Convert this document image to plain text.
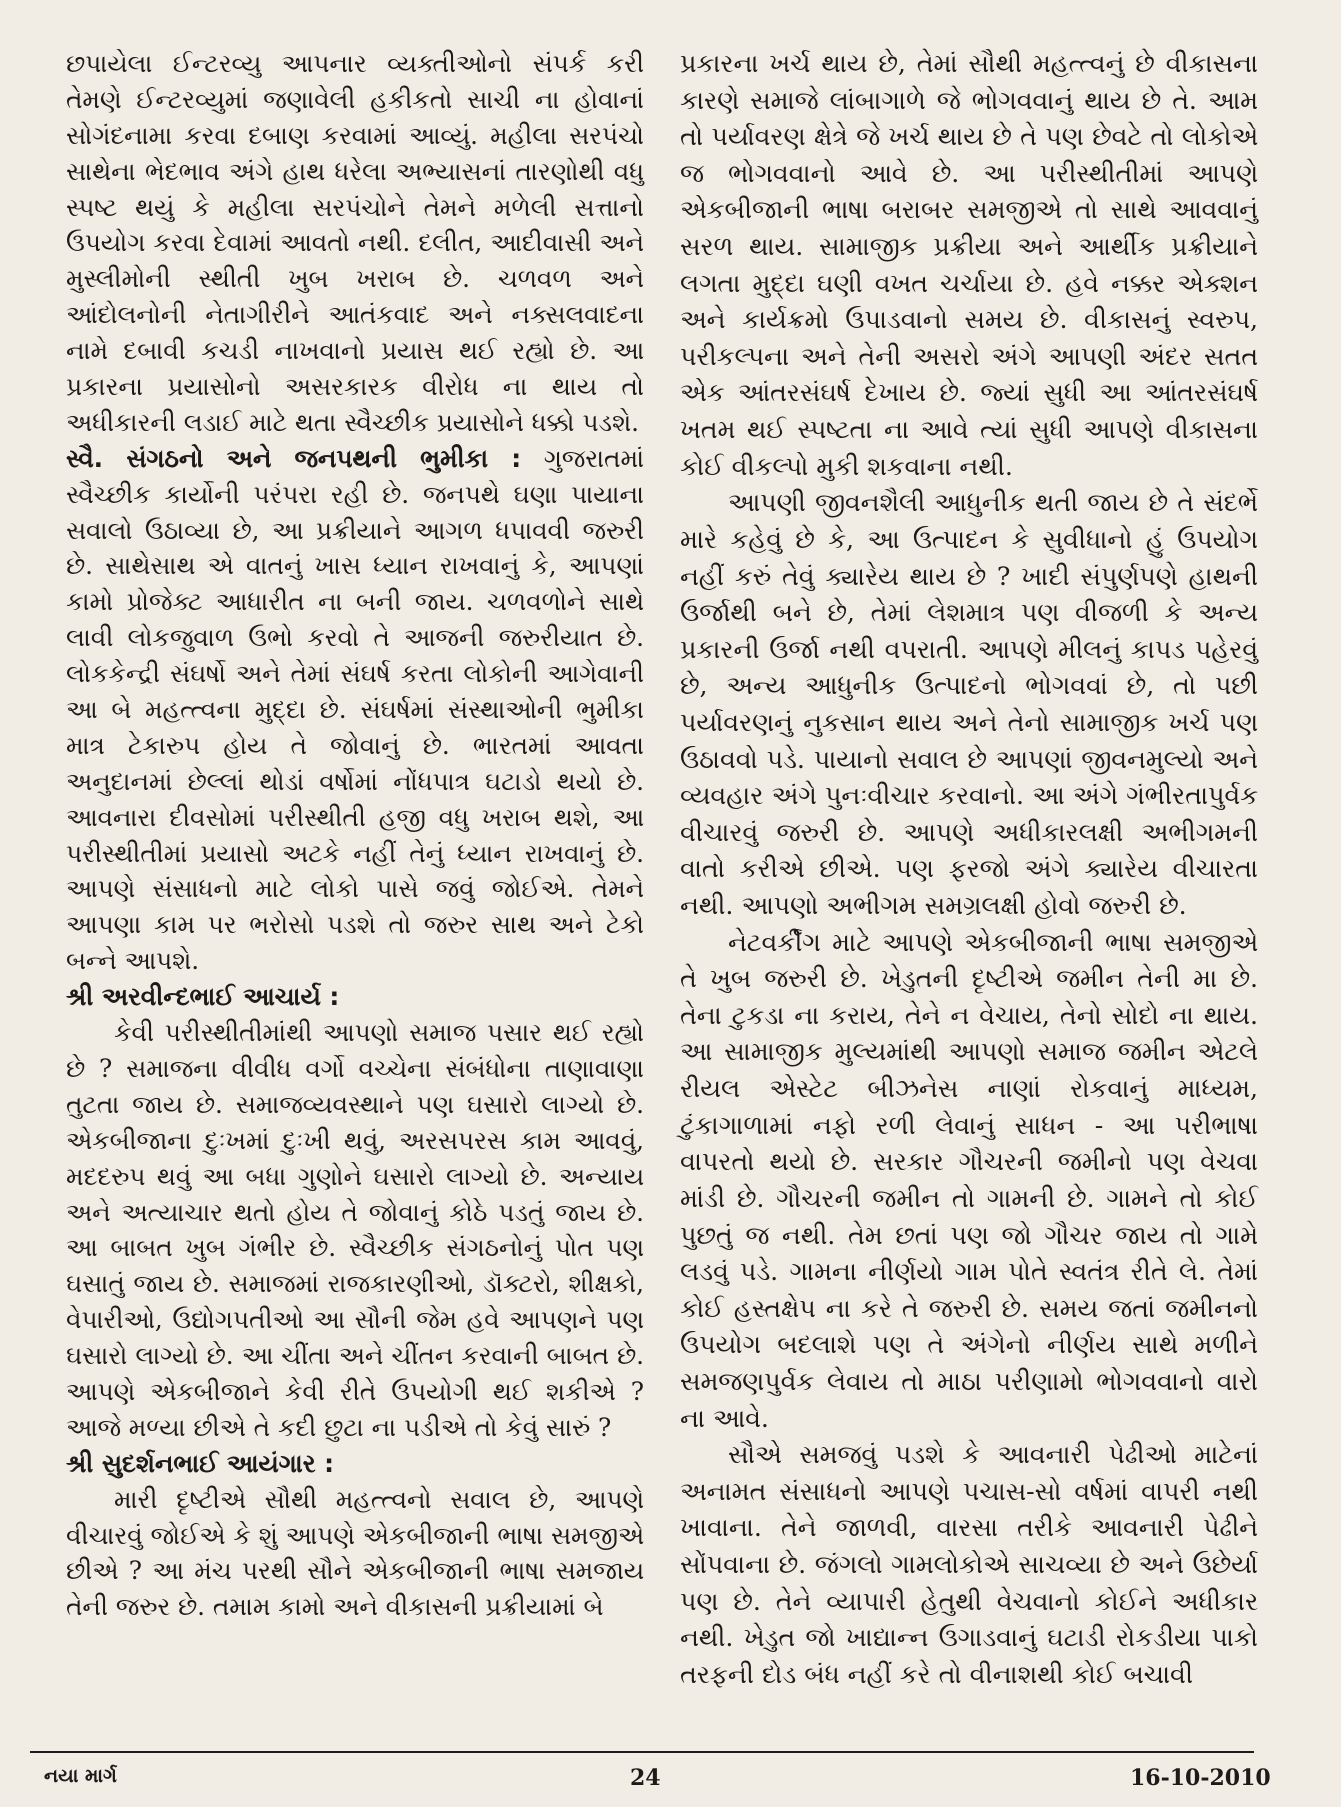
છપાયેલા ઈન્ટરવ્યુ આપનાર વ્યક્તીઓનો સંપર્ક કરી તેમણે ઈન્ટરવ્યુમાં જણાવેલી હકીકતો સાચી ના હોવાનાં સોગંદનામા કરવા દબાણ કરવામાં આવ્યું. મહીલા સરપંચો સાથેના ભેદભાવ અંગે હાથ ધરેલા અભ્યાસનાં તારણોથી વધુ સ્પષ્ટ થયું કે મહીલા સરપંચોને તેમને મળેલી સત્તાનો ઉપયોગ કરવા દેવામાં આવતો નથી. દલીત, આદીવાસી અને મુસ્લીમોની સ્થીતી ખુબ ખરાબ છે. ચળવળ અને આંદોલનોની નેતાગીરીને આતંકવાદ અને નક્સલવાદના નામે દબાવી કચડી નાખવાનો પ્રયાસ થઈ રહ્યો છે. આ પ્રકારના પ્રયાસોનો અસરકારક વીરોધ ના થાય તો અધીકારની લડાઈ માટે થતા સ્વૈચ્છીક પ્રયાસોને ધક્કો પડશે.

સ્વૈ. સંગઠનો અને જનપથની ભુમીકા : ગુજરાતમાં સ્વૈચ્છીક કાર્યોની પરંપરા રહી છે. જનપથે ઘણા પાયાના સવાલો ઉઠાવ્યા છે, આ પ્રક્રીયાને આગળ ધપાવવી જરુરી છે. સાથેસાથ એ વાતનું ખાસ ધ્યાન રાખવાનું કે, આપણાં કામો પ્રોજેક્ટ આધારીત ના બની જાય. ચળવળોને સાથે લાવી લોકજુવાળ ઉભો કરવો તે આજની જરુરીયાત છે. લોકકેન્દ્રી સંઘર્ષો અને તેમાં સંઘર્ષ કરતા લોકોની આગેવાની આ બે મહત્ત્વના મુદ્દા છે. સંઘર્ષમાં સંસ્થાઓની ભુમીકા માત્ર ટેકારુપ હોય તે જોવાનું છે. ભારતમાં આવતા અનુદાનમાં છેલ્લાં થોડાં વર્ષોમાં નોંધપાત્ર ઘટાડો થયો છે. આવનારા દીવસોમાં પરીસ્થીતી હજી વધુ ખરાબ થશે, આ પરીસ્થીતીમાં પ્રયાસો અટકે નહીં તેનું ધ્યાન રાખવાનું છે. આપણે સંસાધનો માટે લોકો પાસે જવું જોઈએ. તેમને આપણા કામ પર ભરોસો પડશે તો જરુર સાથ અને ટેકો બન્ને આપશે.

શ્રી અરવીન્દભાઈ આચાર્ય :

કેવી પરીસ્થીતીમાંથી આપણો સમાજ પસાર થઈ રહ્યો છે ? સમાજના વીવીધ વર્ગો વચ્ચેના સંબંધોના તાણાવાણા તુટતા જાય છે. સમાજવ્યવસ્થાને પણ ઘસારો લાગ્યો છે. એકબીજાના દુઃખમાં દુઃખી થવું, અરસપરસ કામ આવવું, મદદરુપ થવું આ બધા ગુણોને ઘસારો લાગ્યો છે. અન્યાય અને અત્યાચાર થતો હોય તે જોવાનું કોઠે પડતું જાય છે. આ બાબત ખુબ ગંભીર છે. સ્વૈચ્છીક સંગઠનોનું પોત પણ ઘસાતું જાય છે. સમાજમાં રાજકારણીઓ, ડૉક્ટરો, શીક્ષકો, વેપારીઓ, ઉદ્યોગપતીઓ આ સૌની જેમ હવે આપણને પણ ઘસારો લાગ્યો છે. આ ચીંતા અને ચીંતન કરવાની બાબત છે. આપણે એકબીજાને કેવી રીતે ઉપયોગી થઈ શકીએ ? આજે મળ્યા છીએ તે કદી છુટા ના પડીએ તો કેવું સારું ?

શ્રી સુદર્શનભાઈ આયંગાર :

મારી દૃષ્ટીએ સૌથી મહત્ત્વનો સવાલ છે, આપણે વીચારવું જોઈએ કે શું આપણે એકબીજાની ભાષા સમજીએ છીએ ? આ મંચ પરથી સૌને એકબીજાની ભાષા સમજાય તેની જરુર છે. તમામ કામો અને વીકાસની પ્રક્રીયામાં બે

પ્રકારના ખર્ચ થાય છે, તેમાં સૌથી મહત્ત્વનું છે વીકાસના કારણે સમાજે લાંબાગાળે જે ભોગવવાનું થાય છે તે. આમ તો પર્યાવરણ ક્ષેત્રે જે ખર્ચ થાય છે તે પણ છેવટે તો લોકોએ જ ભોગવવાનો આવે છે. આ પરીસ્થીતીમાં આપણે એકબીજાની ભાષા બરાબર સમજીએ તો સાથે આવવાનું સરળ થાય. સામાજીક પ્રક્રીયા અને આર્થીક પ્રક્રીયાને લગતા મુદ્દા ઘણી વખત ચર્ચાયા છે. હવે નક્કર એક્શન અને કાર્યક્રમો ઉપાડવાનો સમય છે. વીકાસનું સ્વરુપ, પરીકલ્પના અને તેની અસરો અંગે આપણી અંદર સતત એક આંતરસંઘર્ષ દેખાય છે. જ્યાં સુધી આ આંતરસંઘર્ષ ખતમ થઈ સ્પષ્ટતા ના આવે ત્યાં સુધી આપણે વીકાસના કોઈ વીકલ્પો મુકી શકવાના નથી.

આપણી જીવનશૈલી આધુનીક થતી જાય છે તે સંદર્ભે મારે કહેવું છે કે, આ ઉત્પાદન કે સુવીધાનો હું ઉપયોગ નહીં કરું તેવું ક્યારેય થાય છે ? ખાદી સંપુર્ણપણે હાથની ઉર્જાથી બને છે, તેમાં લેશમાત્ર પણ વીજળી કે અન્ય પ્રકારની ઉર્જા નથી વપરાતી. આપણે મીલનું કાપડ પહેરવું છે, અન્ય આધુનીક ઉત્પાદનો ભોગવવાં છે, તો પછી પર્યાવરણનું નુકસાન થાય અને તેનો સામાજીક ખર્ચ પણ ઉઠાવવો પડે. પાયાનો સવાલ છે આપણાં જીવનમુલ્યો અને વ્યવહાર અંગે પુનઃવીચાર કરવાનો. આ અંગે ગંભીરતાપુર્વક વીચારવું જરુરી છે. આપણે અધીકારલક્ષી અભીગમની વાતો કરીએ છીએ. પણ ફરજો અંગે ક્યારેય વીચારતા નથી. આપણો અભીગમ સમગ્રલક્ષી હોવો જરુરી છે.

નેટવર્કીંગ માટે આપણે એકબીજાની ભાષા સમજીએ તે ખુબ જરુરી છે. ખેડુતની દૃષ્ટીએ જમીન તેની મા છે. તેના ટુકડા ના કરાય, તેને ન વેચાય, તેનો સોદો ના થાય. આ સામાજીક મુલ્યમાંથી આપણો સમાજ જમીન એટલે રીયલ એસ્ટેટ બીઝનેસ નાણાં રોકવાનું માધ્યમ, ટુંકાગાળામાં નફો રળી લેવાનું સાધન - આ પરીભાષા વાપરતો થયો છે. સરકાર ગૌચરની જમીનો પણ વેચવા માંડી છે. ગૌચરની જમીન તો ગામની છે. ગામને તો કોઈ પુછતું જ નથી. તેમ છતાં પણ જો ગૌચર જાય તો ગામે લડવું પડે. ગામના નીર્ણયો ગામ પોતે સ્વતંત્ર રીતે લે. તેમાં કોઈ હસ્તક્ષેપ ના કરે તે જરુરી છે. સમય જતાં જમીનનો ઉપયોગ બદલાશે પણ તે અંગેનો નીર્ણય સાથે મળીને સમજણપુર્વક લેવાય તો માઠા પરીણામો ભોગવવાનો વારો ના આવે.

સૌએ સમજવું પડશે કે આવનારી પેઢીઓ માટેનાં અનામત સંસાધનો આપણે પચાસ-સો વર્ષમાં વાપરી નથી ખાવાના. તેને જાળવી, વારસા તરીકે આવનારી પેઢીને સોંપવાના છે. જંગલો ગામલોકોએ સાચવ્યા છે અને ઉછેર્યા પણ છે. તેને વ્યાપારી હેતુથી વેચવાનો કોઈને અધીકાર નથી. ખેડુત જો ખાદ્યાન્ન ઉગાડવાનું ઘટાડી રોકડીયા પાકો તરફની દોડ બંધ નહીં કરે તો વીનાશથી કોઈ બચાવી

નયા માર્ગ	24	16-10-2010
